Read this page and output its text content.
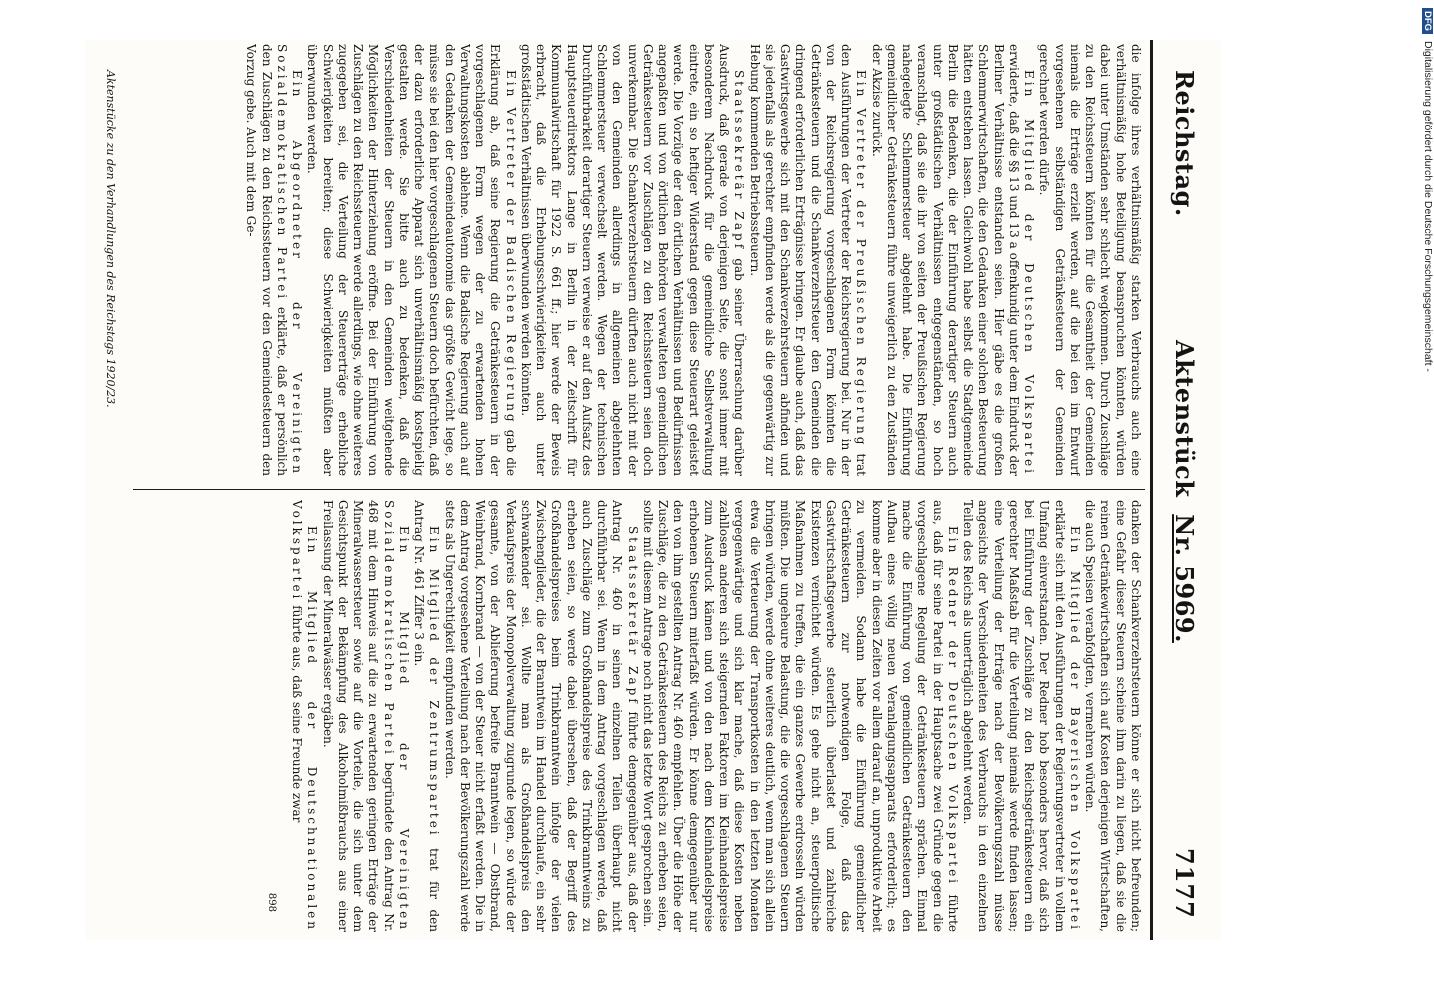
Reichstag.
Aktenstück Nr. 5969.
7177

die infolge ihres verhältnismäßig starken Verbrauchs auch eine verhältnismäßig hohe Beteiligung beanspruchen könnten, würden dabei unter Umständen sehr schlecht wegkommen. Durch Zuschläge zu den Reichssteuern könnten für die Gesamtheit der Gemeinden niemals die Erträge erzielt werden, auf die bei den im Entwurf vorgesehenen selbständigen Getränkesteuern der Gemeinden gerechnet werden dürfe.

Ein Mitglied der Deutschen Volkspartei erwiderte, daß die §§ 13 und 13 a offenkundig unter dem Eindruck der Berliner Verhältnisse entstanden seien. Hier gäbe es die großen Schlemmerwirtschaften, die den Gedanken einer solchen Besteuerung hätten entstehen lassen. Gleichwohl habe selbst die Stadtgemeinde Berlin die Bedenken, die der Einführung derartiger Steuern auch unter großstädtischen Verhältnissen entgegenständen, so hoch veranschlagt, daß sie die ihr von seiten der Preußischen Regierung nahegelegte Schlemmersteuer abgelehnt habe. Die Einführung gemeindlicher Getränkesteuern führe unweigerlich zu den Zuständen der Akzise zurück.

Ein Vertreter der Preußischen Regierung trat den Ausführungen der Vertreter der Reichsregierung bei. Nur in der von der Reichsregierung vorgeschlagenen Form könnten die Getränkesteuern und die Schankverzehrsteuer den Gemeinden die dringend erforderlichen Erträgnisse bringen. Er glaube auch, daß das Gastwirtsgewerbe sich mit den Schankverzehrsteuern abfinden und sie jedenfalls als gerechter empfinden werde als die gegenwärtig zur Hebung kommenden Betriebssteuern.

Staatssekretär Zapf gab seiner Überraschung darüber Ausdruck, daß gerade von derjenigen Seite, die sonst immer mit besonderem Nachdruck für die gemeindliche Selbstverwaltung eintrete, ein so heftiger Widerstand gegen diese Steuerart geleistet werde. Die Vorzüge der den örtlichen Verhältnissen und Bedürfnissen angepaßten und von örtlichen Behörden verwalteten gemeindlichen Getränkesteuern vor Zuschlägen zu den Reichssteuern seien doch unverkennbar. Die Schankverzehrsteuern dürften auch nicht mit der von den Gemeinden allerdings in allgemeinen abgelehnten Schlemmersteuer verwechselt werden. Wegen der technischen Durchführbarkeit derartiger Steuern verweise er auf den Aufsatz des Hauptsteuerdirektors Lange in Berlin in der Zeitschrift für Kommunalwirtschaft für 1922 S. 661 ff.; hier werde der Beweis erbracht, daß die Erhebungsschwierigkeiten auch unter großstädtischen Verhältnissen überwunden werden könnten.

Ein Vertreter der Badischen Regierung gab die Erklärung ab, daß seine Regierung die Getränkesteuern in der vorgeschlagenen Form wegen der zu erwartenden hohen Verwaltungskosten ablehne. Wenn die Badische Regierung auch auf den Gedanken der Gemeindeautonomie das größte Gewicht lege, so müsse sie bei den hier vorgeschlagenen Steuern doch befürchten, daß der dazu erforderliche Apparat sich unverhältnismäßig kostspielig gestalten werde. Sie bitte auch zu bedenken, daß die Verschiedenheiten der Steuern in den Gemeinden weitgehende Möglichkeiten der Hinterziehung eröffne. Bei der Einführung von Zuschlägen zu den Reichssteuern werde allerdings, wie ohne weiteres zugegeben sei, die Verteilung der Steuererträge erhebliche Schwierigkeiten bereiten; diese Schwierigkeiten müßten aber überwunden werden.

Ein Abgeordneter der Vereinigten Sozialdemokratischen Partei erklärte, daß er persönlich den Zuschlägen zu den Reichssteuern vor den Gemeindesteuern den Vorzug gebe. Auch mit dem Ge-

danken der Schankverzehrsteuern könne er sich nicht befreunden; eine Gefahr dieser Steuern scheine ihm darin zu liegen, daß sie die reinen Getränkewirtschaften sich auf Kosten derjenigen Wirtschaften, die auch Speisen verabfolgten, vermehren würden.

Ein Mitglied der Bayerischen Volkspartei erklärte sich mit den Ausführungen der Regierungsvertreter in vollem Umfang einverstanden. Der Redner hob besonders hervor, daß sich bei Einführung der Zuschläge zu den Reichsgetränkesteuern ein gerechter Maßstab für die Verteilung niemals werde finden lassen; eine Verteilung der Erträge nach der Bevölkerungszahl müsse angesichts der Verschiedenheiten des Verbrauchs in den einzelnen Teilen des Reichs als unerträglich abgelehnt werden.

Ein Redner der Deutschen Volkspartei führte aus, daß für seine Partei in der Hauptsache zwei Gründe gegen die vorgeschlagene Regelung der Getränkesteuern sprächen. Einmal mache die Einführung von gemeindlichen Getränkesteuern den Aufbau eines völlig neuen Veranlagungsapparats erforderlich; es komme aber in diesen Zeiten vor allem darauf an, unproduktive Arbeit zu vermeiden. Sodann habe die Einführung gemeindlicher Getränkesteuern zur notwendigen Folge, daß das Gastwirtschaftsgewerbe steuerlich überlastet und zahlreiche Existenzen vernichtet würden. Es gehe nicht an, steuerpolitische Maßnahmen zu treffen, die ein ganzes Gewerbe erdrosseln würden müßten. Die ungeheure Belastung, die die vorgeschlagenen Steuern bringen würden, werde ohne weiteres deutlich, wenn man sich allein etwa die Verteuerung der Transportkosten in den letzten Monaten vergegenwärtige und sich klar mache, daß diese Kosten neben zahllosen anderen sich steigernden Faktoren im Kleinhandelspreise zum Ausdruck kämen und von den nach dem Kleinhandelspreise erhobenen Steuern miterfaßt würden. Er könne demgegenüber nur den von ihm gestellten Antrag Nr. 460 empfehlen. Über die Höhe der Zuschläge, die zu den Getränkesteuern des Reichs zu erheben seien, sollte mit diesem Antrage noch nicht das letzte Wort gesprochen sein.

Staatssekretär Zapf führte demgegenüber aus, daß der Antrag Nr. 460 in seinen einzelnen Teilen überhaupt nicht durchführbar sei. Wenn in dem Antrag vorgeschlagen werde, daß auch Zuschläge zum Großhandelspreise des Trinkbranntweins zu erheben seien, so werde dabei übersehen, daß der Begriff des Großhandelspreises beim Trinkbranntwein infolge der vielen Zwischenglieder, die der Branntwein im Handel durchlaufe, ein sehr schwankender sei. Wollte man als Großhandelspreis den Verkaufspreis der Monopolverwaltung zugrunde legen, so würde der gesamte, von der Ablieferung befreite Branntwein — Obstbrand, Weinbrand, Kornbrand — von der Steuer nicht erfaßt werden. Die in dem Antrag vorgesehene Verteilung nach der Bevölkerungszahl werde stets als Ungerechtigkeit empfunden werden.

Ein Mitglied der Zentrumspartei trat für den Antrag Nr. 461 Ziffer 3 ein.

Ein Mitglied der Vereinigten Sozialdemokratischen Partei begründete den Antrag Nr. 468 mit dem Hinweis auf die zu erwartenden geringen Erträge der Mineralwassersteuer sowie auf die Vorteile, die sich unter dem Gesichtspunkt der Bekämpfung des Alkoholmißbrauchs aus einer Freilassung der Mineralwässer ergäben.

Ein Mitglied der Deutschnationalen Volkspartei führte aus, daß seine Freunde zwar

898
Aktenstücke zu den Verhandlungen des Reichstags 1920/23.
DFG Digitalisierung gefördert durch die Deutsche Forschungsgemeinschaft -
